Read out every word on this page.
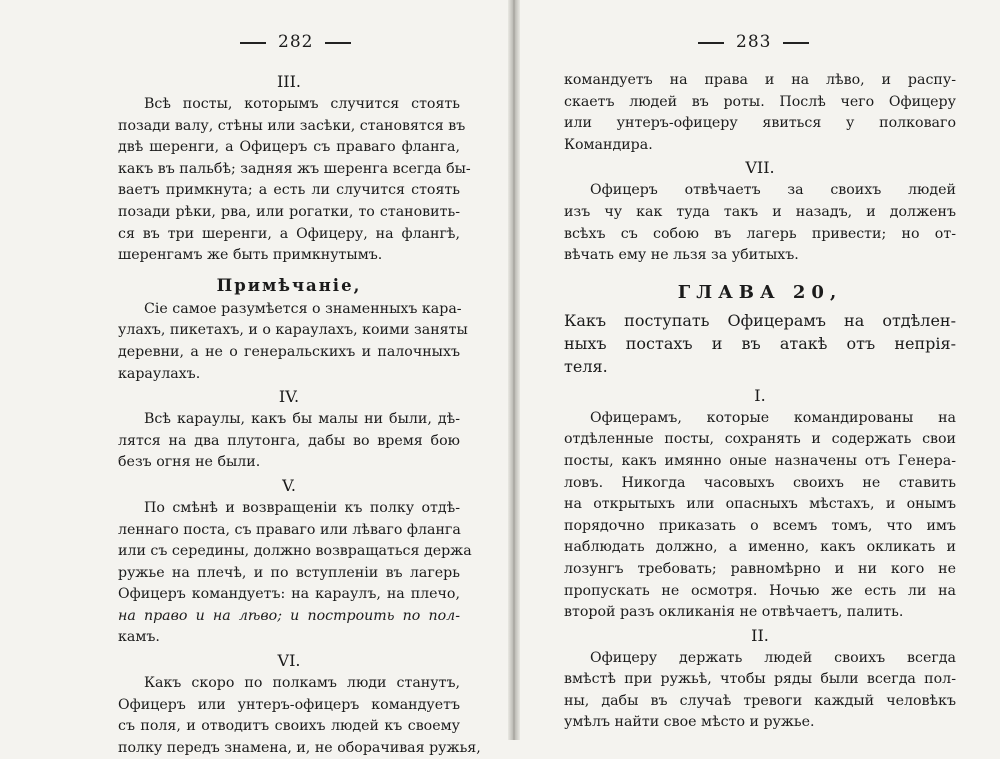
282
III.
Всѣ посты, которымъ случится стоять
позади валу, стѣны или засѣки, становятся въ
двѣ шеренги, а Офицеръ съ праваго фланга,
какъ въ пальбѣ; задняя жъ шеренга всегда бы-
ваетъ примкнута; а есть ли случится стоять
позади рѣки, рва, или рогатки, то становить-
ся въ три шеренги, а Офицеру, на флангѣ,
шеренгамъ же быть примкнутымъ.
Примѣчаніе,
Сіе самое разумѣется о знаменныхъ кара-
улахъ, пикетахъ, и о караулахъ, коими заняты
деревни, а не о генеральскихъ и палочныхъ
караулахъ.
IV.
Всѣ караулы, какъ бы малы ни были, дѣ-
лятся на два плутонга, дабы во время бою
безъ огня не были.
V.
По смѣнѣ и возвращеніи къ полку отдѣ-
леннаго поста, съ праваго или лѣваго фланга
или съ середины, должно возвращаться держа
ружье на плечѣ, и по вступленіи въ лагерь
Офицеръ командуетъ: на караулъ, на плечо,
на право и на лѣво; и построить по пол-
камъ.
VI.
Какъ скоро по полкамъ люди станутъ,
Офицеръ или унтеръ-офицеръ командуетъ
съ поля, и отводитъ своихъ людей къ своему
полку передъ знамена, и, не оборачивая ружья,
283
командуетъ на права и на лѣво, и распу-
скаетъ людей въ роты. Послѣ чего Офицеру
или унтеръ-офицеру явиться у полковаго
Командира.
VII.
Офицеръ отвѣчаетъ за своихъ людей
изъ чу как туда такъ и назадъ, и долженъ
всѣхъ съ собою въ лагерь привести; но от-
вѣчать ему не льзя за убитыхъ.
ГЛАВА 20,
Какъ поступать Офицерамъ на отдѣлен-
ныхъ постахъ и въ атакѣ отъ непрія-
теля.
I.
Офицерамъ, которые командированы на
отдѣленные посты, сохранять и содержать свои
посты, какъ имянно оные назначены отъ Генера-
ловъ. Никогда часовыхъ своихъ не ставить
на открытыхъ или опасныхъ мѣстахъ, и онымъ
порядочно приказать о всемъ томъ, что имъ
наблюдать должно, а именно, какъ окликать и
лозунгъ требовать; равномѣрно и ни кого не
пропускать не осмотря. Ночью же есть ли на
второй разъ окликанія не отвѣчаетъ, палить.
II.
Офицеру держать людей своихъ всегда
вмѣстѣ при ружьѣ, чтобы ряды были всегда пол-
ны, дабы въ случаѣ тревоги каждый человѣкъ
умѣлъ найти свое мѣсто и ружье.
